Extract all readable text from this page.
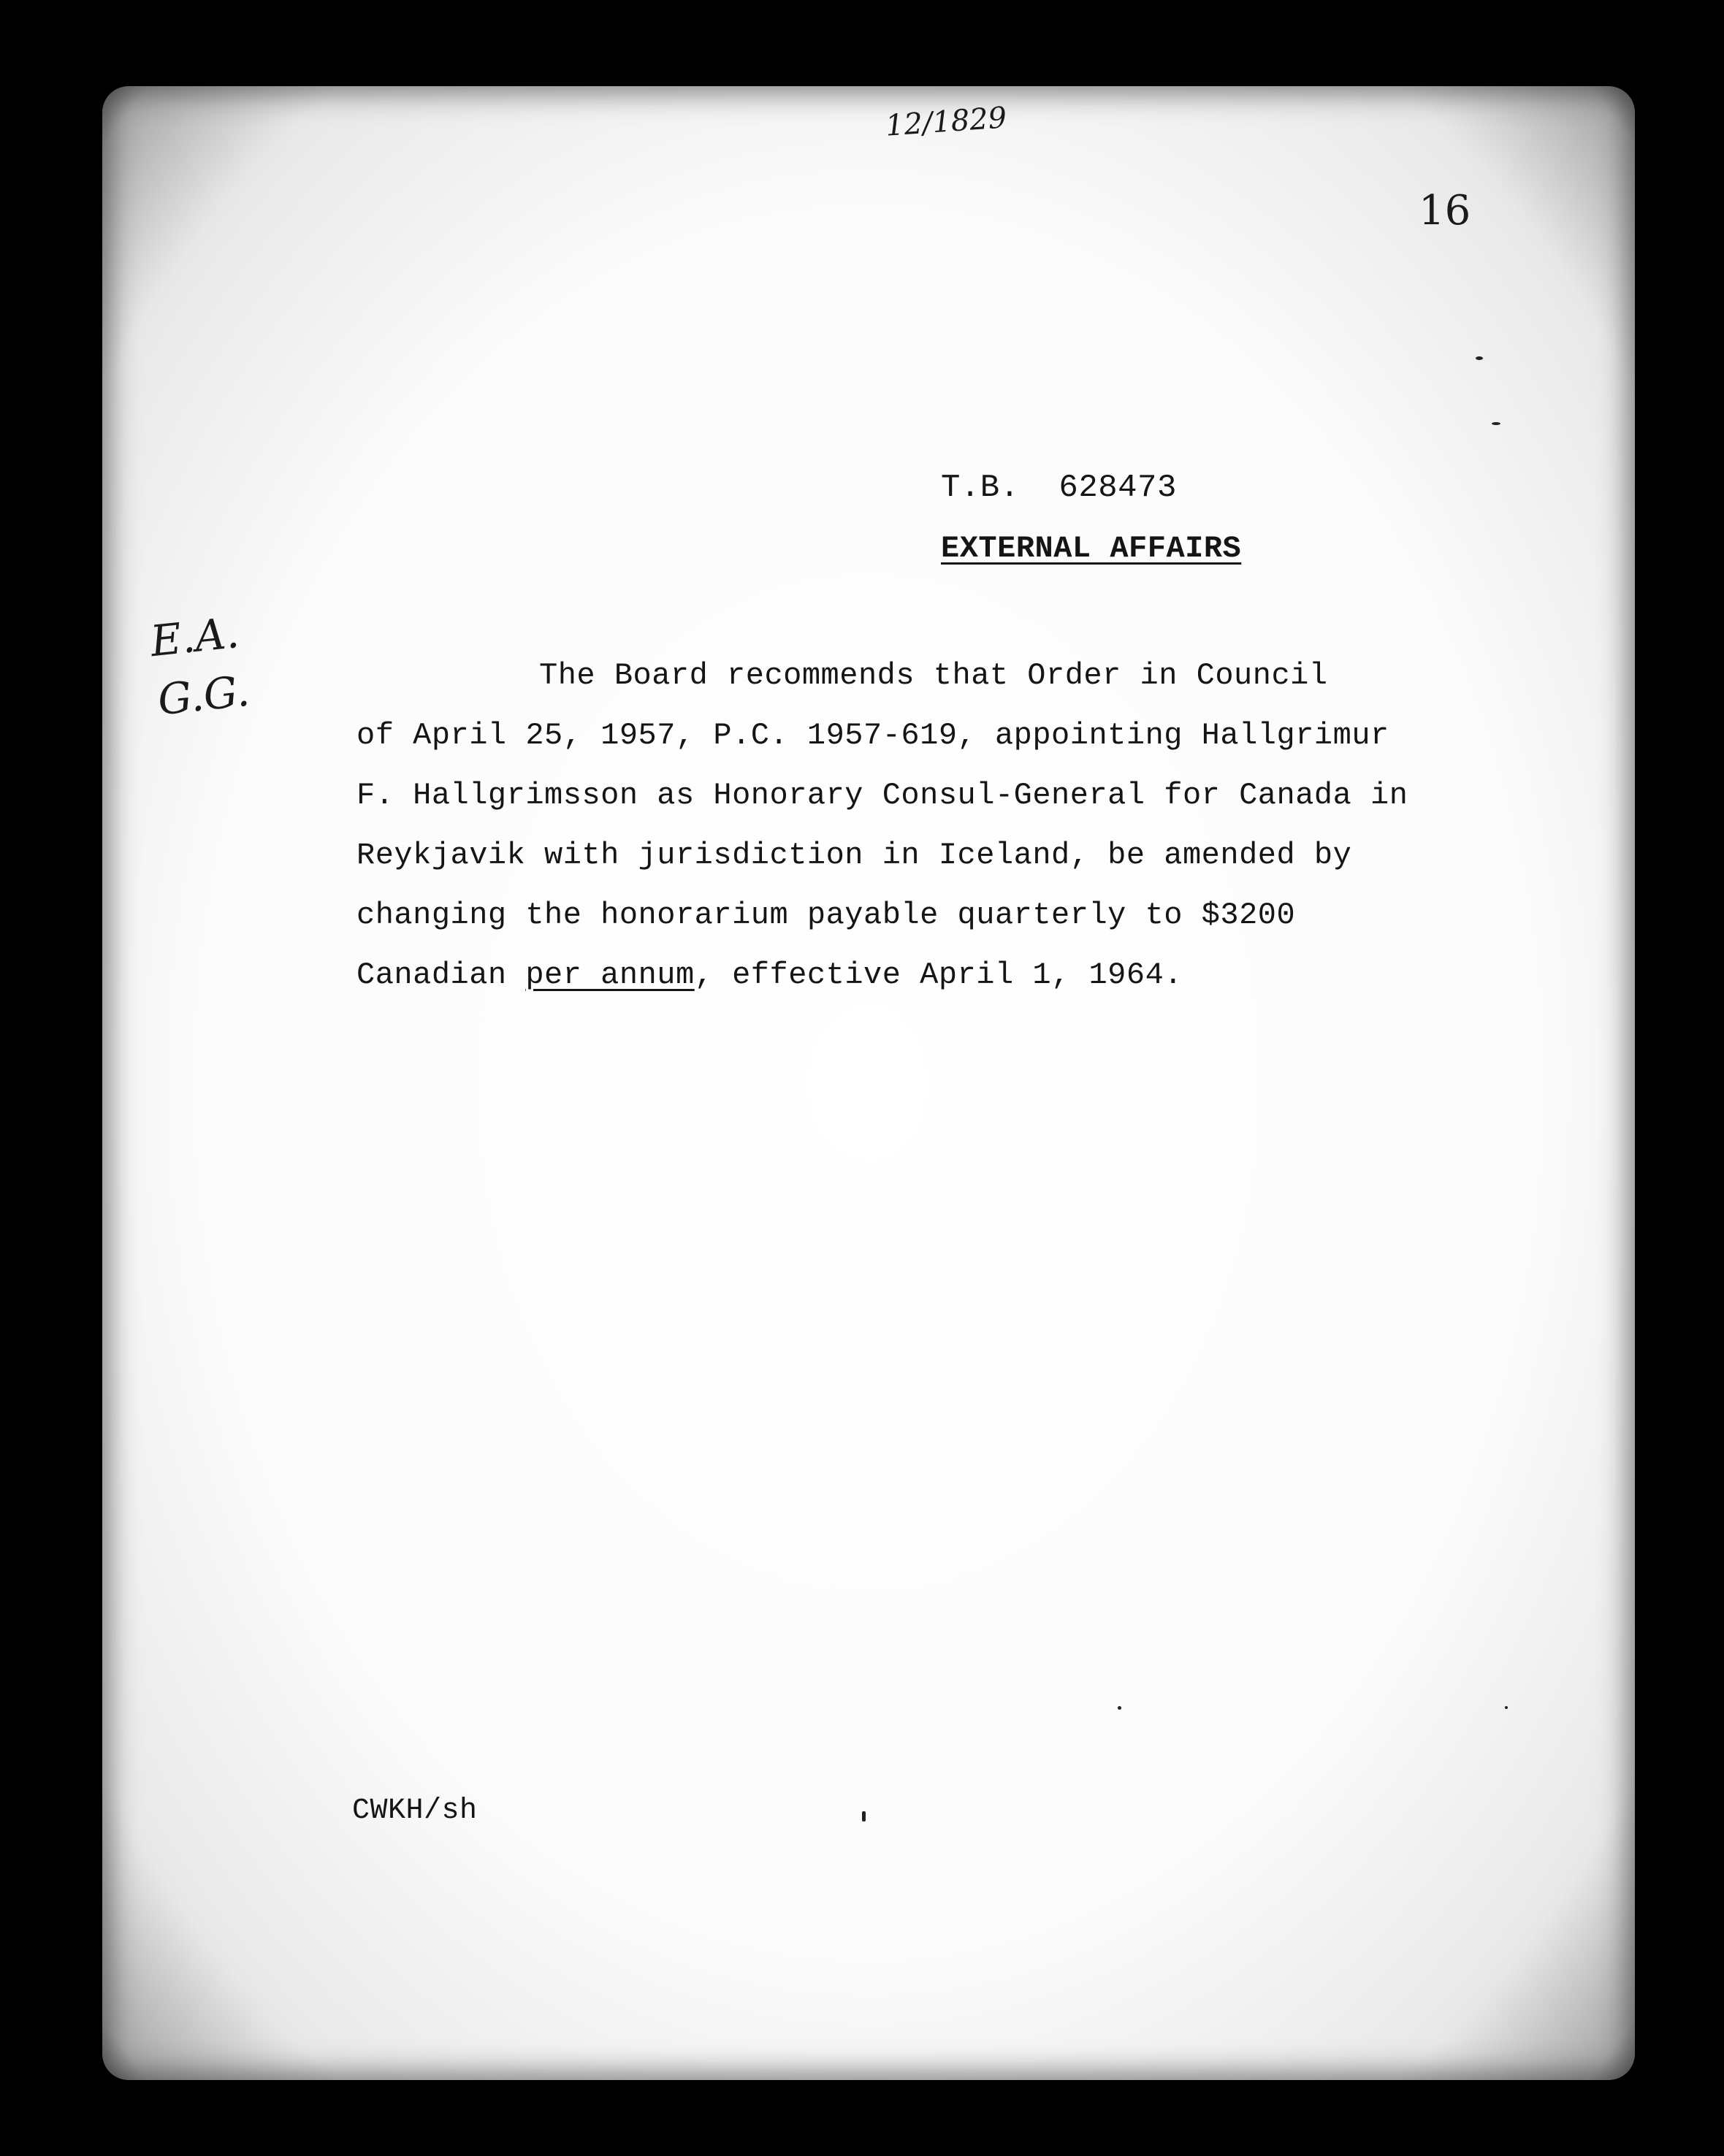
12/1829
16
T.B.  628473
EXTERNAL AFFAIRS
E.A.
G.G.	The Board recommends that Order in Council
of April 25, 1957, P.C. 1957-619, appointing Hallgrimur
F. Hallgrimsson as Honorary Consul-General for Canada in
Reykjavik with jurisdiction in Iceland, be amended by
changing the honorarium payable quarterly to $3200
Canadian per annum, effective April 1, 1964.
CWKH/sh
